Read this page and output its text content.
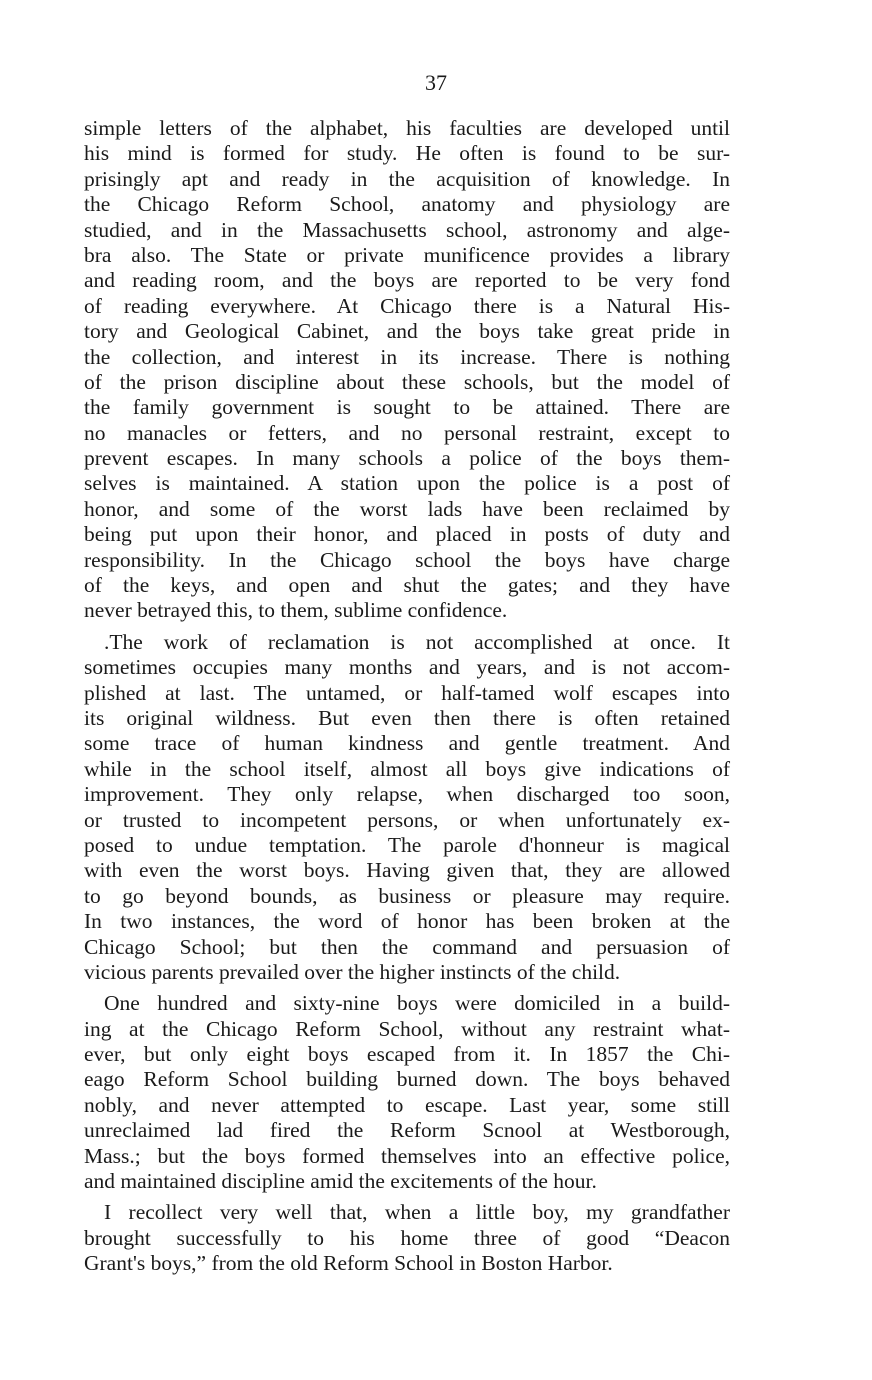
37
simple letters of the alphabet, his faculties are developed until
his mind is formed for study. He often is found to be sur-
prisingly apt and ready in the acquisition of knowledge. In
the Chicago Reform School, anatomy and physiology are
studied, and in the Massachusetts school, astronomy and alge-
bra also. The State or private munificence provides a library
and reading room, and the boys are reported to be very fond
of reading everywhere. At Chicago there is a Natural His-
tory and Geological Cabinet, and the boys take great pride in
the collection, and interest in its increase. There is nothing
of the prison discipline about these schools, but the model of
the family government is sought to be attained. There are
no manacles or fetters, and no personal restraint, except to
prevent escapes. In many schools a police of the boys them-
selves is maintained. A station upon the police is a post of
honor, and some of the worst lads have been reclaimed by
being put upon their honor, and placed in posts of duty and
responsibility. In the Chicago school the boys have charge
of the keys, and open and shut the gates; and they have
never betrayed this, to them, sublime confidence.
.The work of reclamation is not accomplished at once. It
sometimes occupies many months and years, and is not accom-
plished at last. The untamed, or half-tamed wolf escapes into
its original wildness. But even then there is often retained
some trace of human kindness and gentle treatment. And
while in the school itself, almost all boys give indications of
improvement. They only relapse, when discharged too soon,
or trusted to incompetent persons, or when unfortunately ex-
posed to undue temptation. The parole d'honneur is magical
with even the worst boys. Having given that, they are allowed
to go beyond bounds, as business or pleasure may require.
In two instances, the word of honor has been broken at the
Chicago School; but then the command and persuasion of
vicious parents prevailed over the higher instincts of the child.
One hundred and sixty-nine boys were domiciled in a build-
ing at the Chicago Reform School, without any restraint what-
ever, but only eight boys escaped from it. In 1857 the Chi-
eago Reform School building burned down. The boys behaved
nobly, and never attempted to escape. Last year, some still
unreclaimed lad fired the Reform Scnool at Westborough,
Mass.; but the boys formed themselves into an effective police,
and maintained discipline amid the excitements of the hour.
I recollect very well that, when a little boy, my grandfather
brought successfully to his home three of good “Deacon
Grant's boys,” from the old Reform School in Boston Harbor.
